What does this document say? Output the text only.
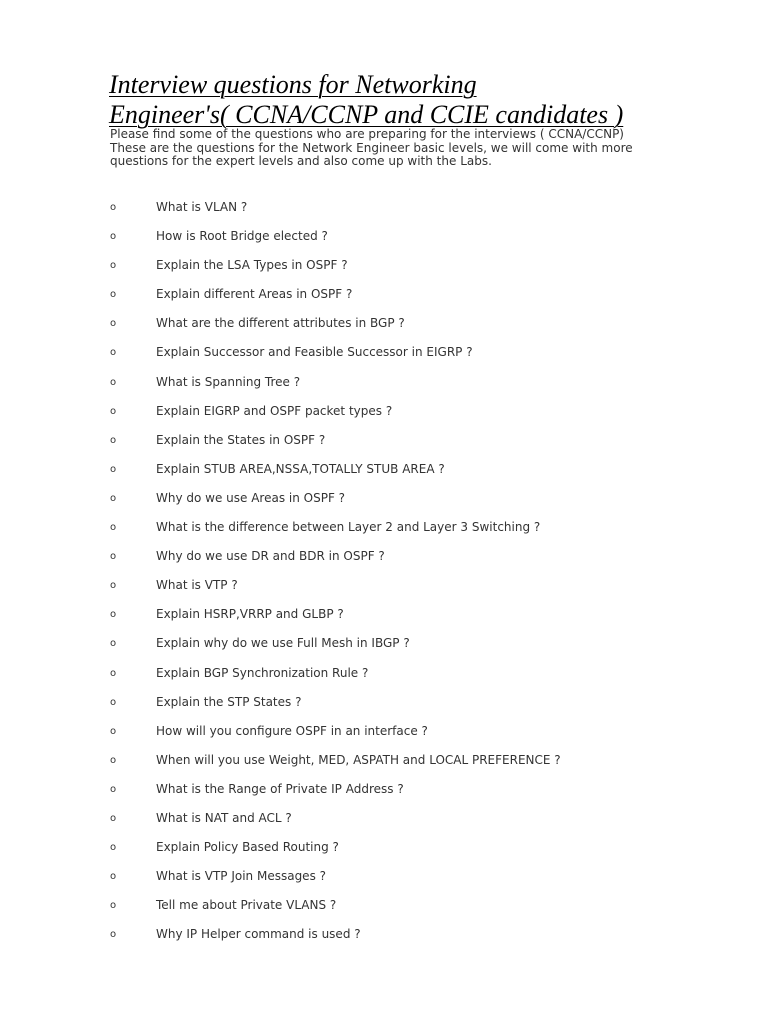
Interview questions for Networking
Engineer's( CCNA/CCNP and CCIE candidates )

Please find some of the questions who are preparing for the interviews ( CCNA/CCNP)
These are the questions for the Network Engineer basic levels, we will come with more
questions for the expert levels and also come up with the Labs.

o	What is VLAN ?
o	How is Root Bridge elected ?
o	Explain the LSA Types in OSPF ?
o	Explain different Areas in OSPF ?
o	What are the different attributes in BGP ?
o	Explain Successor and Feasible Successor in EIGRP ?
o	What is Spanning Tree ?
o	Explain EIGRP and OSPF packet types ?
o	Explain the States in OSPF ?
o	Explain STUB AREA,NSSA,TOTALLY STUB AREA ?
o	Why do we use Areas in OSPF ?
o	What is the difference between Layer 2 and Layer 3 Switching ?
o	Why do we use DR and BDR in OSPF ?
o	What is VTP ?
o	Explain HSRP,VRRP and GLBP ?
o	Explain why do we use Full Mesh in IBGP ?
o	Explain BGP Synchronization Rule ?
o	Explain the STP States ?
o	How will you configure OSPF in an interface ?
o	When will you use Weight, MED, ASPATH and LOCAL PREFERENCE ?
o	What is the Range of Private IP Address ?
o	What is NAT and ACL ?
o	Explain Policy Based Routing ?
o	What is VTP Join Messages ?
o	Tell me about Private VLANS ?
o	Why IP Helper command is used ?
